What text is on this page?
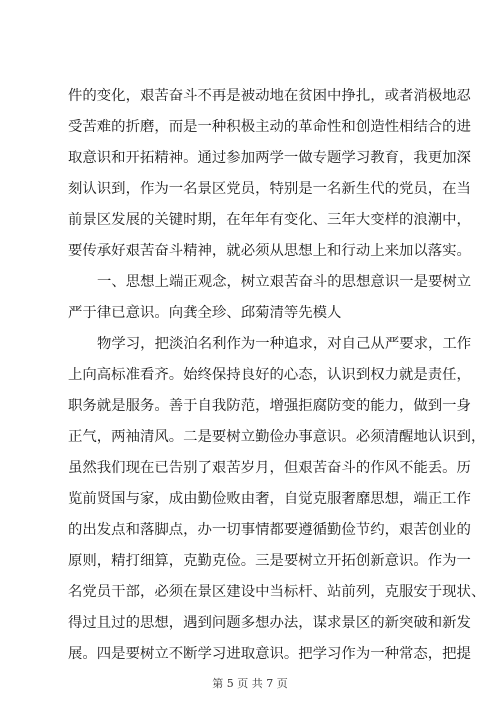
件的变化，艰苦奋斗不再是被动地在贫困中挣扎，或者消极地忍
受苦难的折磨，而是一种积极主动的革命性和创造性相结合的进
取意识和开拓精神。通过参加两学一做专题学习教育，我更加深
刻认识到，作为一名景区党员，特别是一名新生代的党员，在当
前景区发展的关键时期，在年年有变化、三年大变样的浪潮中，
要传承好艰苦奋斗精神，就必须从思想上和行动上来加以落实。
一、思想上端正观念，树立艰苦奋斗的思想意识一是要树立
严于律已意识。向龚全珍、邱菊清等先模人
物学习，把淡泊名利作为一种追求，对自己从严要求，工作
上向高标准看齐。始终保持良好的心态，认识到权力就是责任，
职务就是服务。善于自我防范，增强拒腐防变的能力，做到一身
正气，两袖清风。二是要树立勤俭办事意识。必须清醒地认识到，
虽然我们现在已告别了艰苦岁月，但艰苦奋斗的作风不能丢。历
览前贤国与家，成由勤俭败由奢，自觉克服奢靡思想，端正工作
的出发点和落脚点，办一切事情都要遵循勤俭节约，艰苦创业的
原则，精打细算，克勤克俭。三是要树立开拓创新意识。作为一
名党员干部，必须在景区建设中当标杆、站前列，克服安于现状、
得过且过的思想，遇到问题多想办法，谋求景区的新突破和新发
展。四是要树立不断学习进取意识。把学习作为一种常态，把提
第 5 页 共 7 页
